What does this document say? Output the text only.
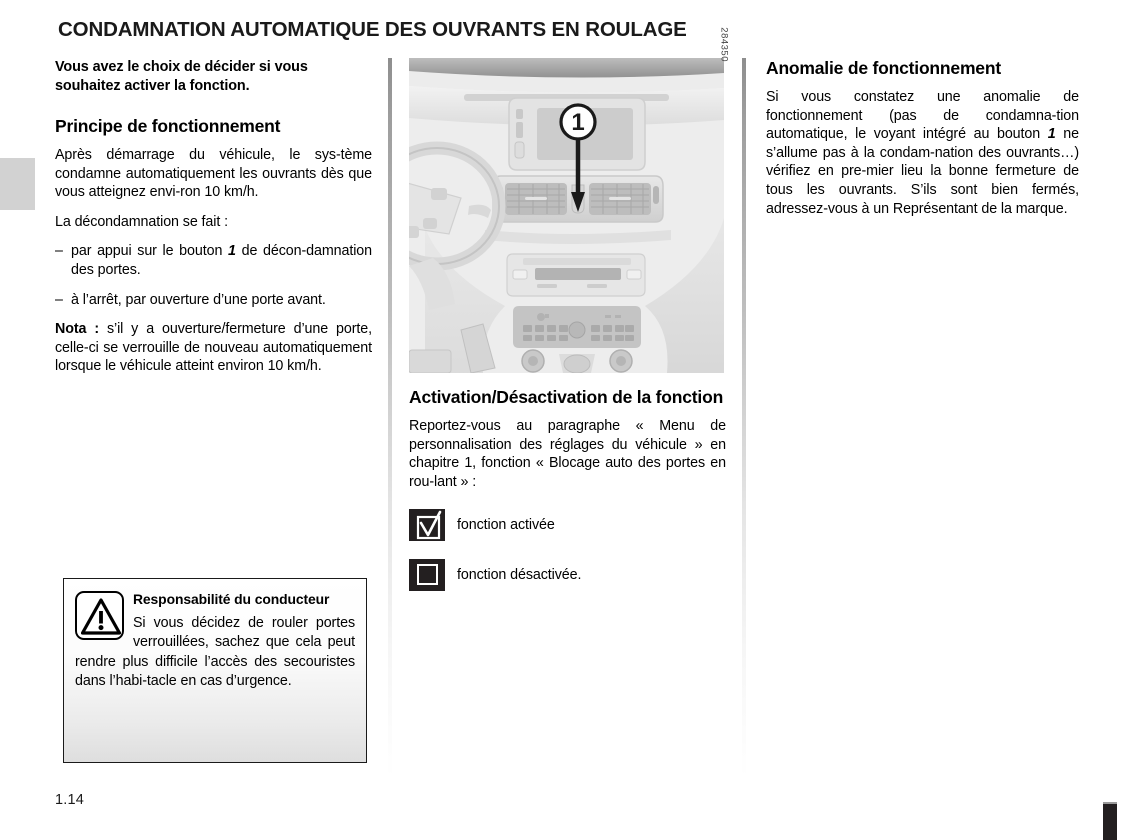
CONDAMNATION AUTOMATIQUE DES OUVRANTS EN ROULAGE
Vous avez le choix de décider si vous souhaitez activer la fonction.
Principe de fonctionnement

Après démarrage du véhicule, le sys-tème condamne automatiquement les ouvrants dès que vous atteignez envi-ron 10 km/h.

La décondamnation se fait :

– par appui sur le bouton 1 de décon-damnation des portes.
– à l’arrêt, par ouverture d’une porte avant.

Nota : s’il y a ouverture/fermeture d’une porte, celle-ci se verrouille de nouveau automatiquement lorsque le véhicule atteint environ 10 km/h.

Responsabilité du conducteur
Si vous décidez de rouler portes verrouillées, sachez que cela peut rendre plus difficile l’accès des secouristes dans l’habi-tacle en cas d’urgence.
1
284350
Activation/Désactivation de la fonction

Reportez-vous au paragraphe « Menu de personnalisation des réglages du véhicule » en chapitre 1, fonction « Blocage auto des portes en rou-lant » :

fonction activée
fonction désactivée.
Anomalie de fonctionnement

Si vous constatez une anomalie de fonctionnement (pas de condamna-tion automatique, le voyant intégré au bouton 1 ne s’allume pas à la condam-nation des ouvrants…) vérifiez en pre-mier lieu la bonne fermeture de tous les ouvrants. S’ils sont bien fermés, adressez-vous à un Représentant de la marque.

1.14
